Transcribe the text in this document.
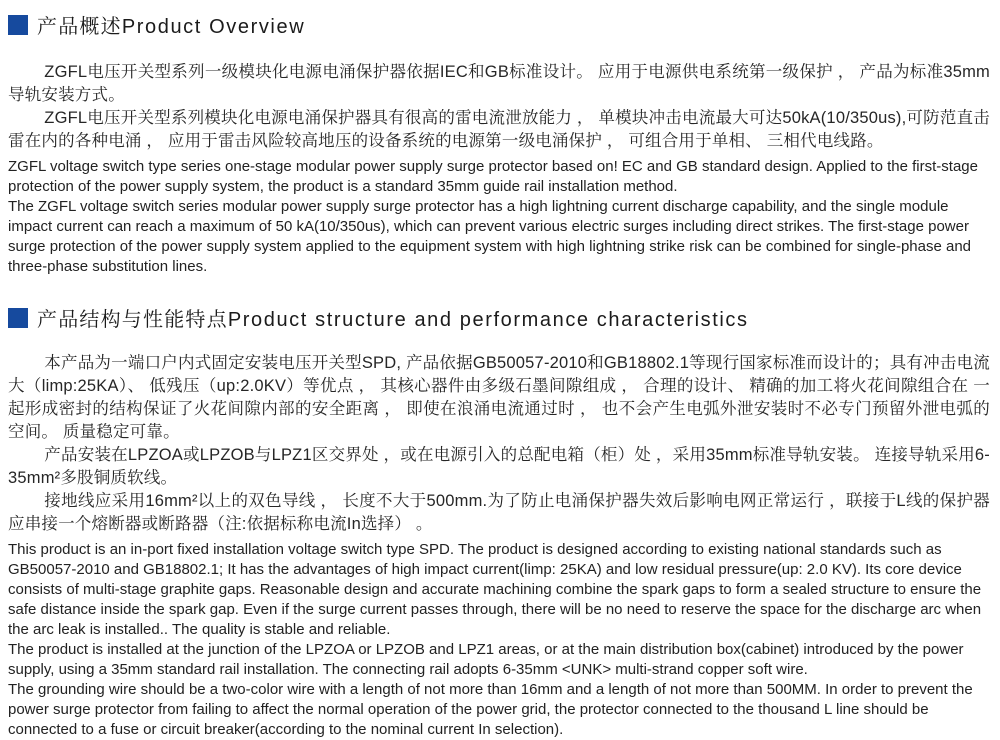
产品概述Product Overview

ZGFL电压开关型系列一级模块化电源电涌保护器依据IEC和GB标准设计。 应用于电源供电系统第一级保护 ， 产品为标准35mm导轨安装方式。

ZGFL电压开关型系列模块化电源电涌保护器具有很高的雷电流泄放能力 ， 单模块冲击电流最大可达50kA(10/350us),可防范直击雷在内的各种电涌 ， 应用于雷击风险较高地压的设备系统的电源第一级电涌保护 ， 可组合用于单相、 三相代电线路。

ZGFL voltage switch type series one-stage modular power supply surge protector based on! EC and GB standard design. Applied to the first-stage protection of the power supply system, the product is a standard 35mm guide rail installation method.

The ZGFL voltage switch series modular power supply surge protector has a high lightning current discharge capability, and the single module impact current can reach a maximum of 50 kA(10/350us), which can prevent various electric surges including direct strikes. The first-stage power surge protection of the power supply system applied to the equipment system with high lightning strike risk can be combined for single-phase and three-phase substitution lines.

产品结构与性能特点Product structure and performance characteristics

本产品为一端口户内式固定安装电压开关型SPD, 产品依据GB50057-2010和GB18802.1等现行国家标准而设计的；具有冲击电流大（limp:25KA）、 低残压（up:2.0KV）等优点 ， 其核心器件由多级石墨间隙组成 ， 合理的设计、 精确的加工将火花间隙组合在 一起形成密封的结构保证了火花间隙内部的安全距离 ， 即使在浪涌电流通过时 ， 也不会产生电弧外泄安装时不必专门预留外泄电弧的空间。 质量稳定可靠。

产品安装在LPZOA或LPZOB与LPZ1区交界处 ，或在电源引入的总配电箱（柜）处 ，采用35mm标准导轨安装。 连接导轨采用6-35mm²多股铜质软线。

接地线应采用16mm²以上的双色导线 ， 长度不大于500mm.为了防止电涌保护器失效后影响电网正常运行 ，联接于L线的保护器应串接一个熔断器或断路器（注:依据标称电流In选择） 。

This product is an in-port fixed installation voltage switch type SPD. The product is designed according to existing national standards such as GB50057-2010 and GB18802.1; It has the advantages of high impact current(limp: 25KA) and low residual pressure(up: 2.0 KV). Its core device consists of multi-stage graphite gaps. Reasonable design and accurate machining combine the spark gaps to form a sealed structure to ensure the safe distance inside the spark gap. Even if the surge current passes through, there will be no need to reserve the space for the discharge arc when the arc leak is installed.. The quality is stable and reliable.

The product is installed at the junction of the LPZOA or LPZOB and LPZ1 areas, or at the main distribution box(cabinet) introduced by the power supply, using a 35mm standard rail installation. The connecting rail adopts 6-35mm <UNK> multi-strand copper soft wire.

The grounding wire should be a two-color wire with a length of not more than 16mm and a length of not more than 500MM. In order to prevent the power surge protector from failing to affect the normal operation of the power grid, the protector connected to the thousand L line should be connected to a fuse or circuit breaker(according to the nominal current In selection).
